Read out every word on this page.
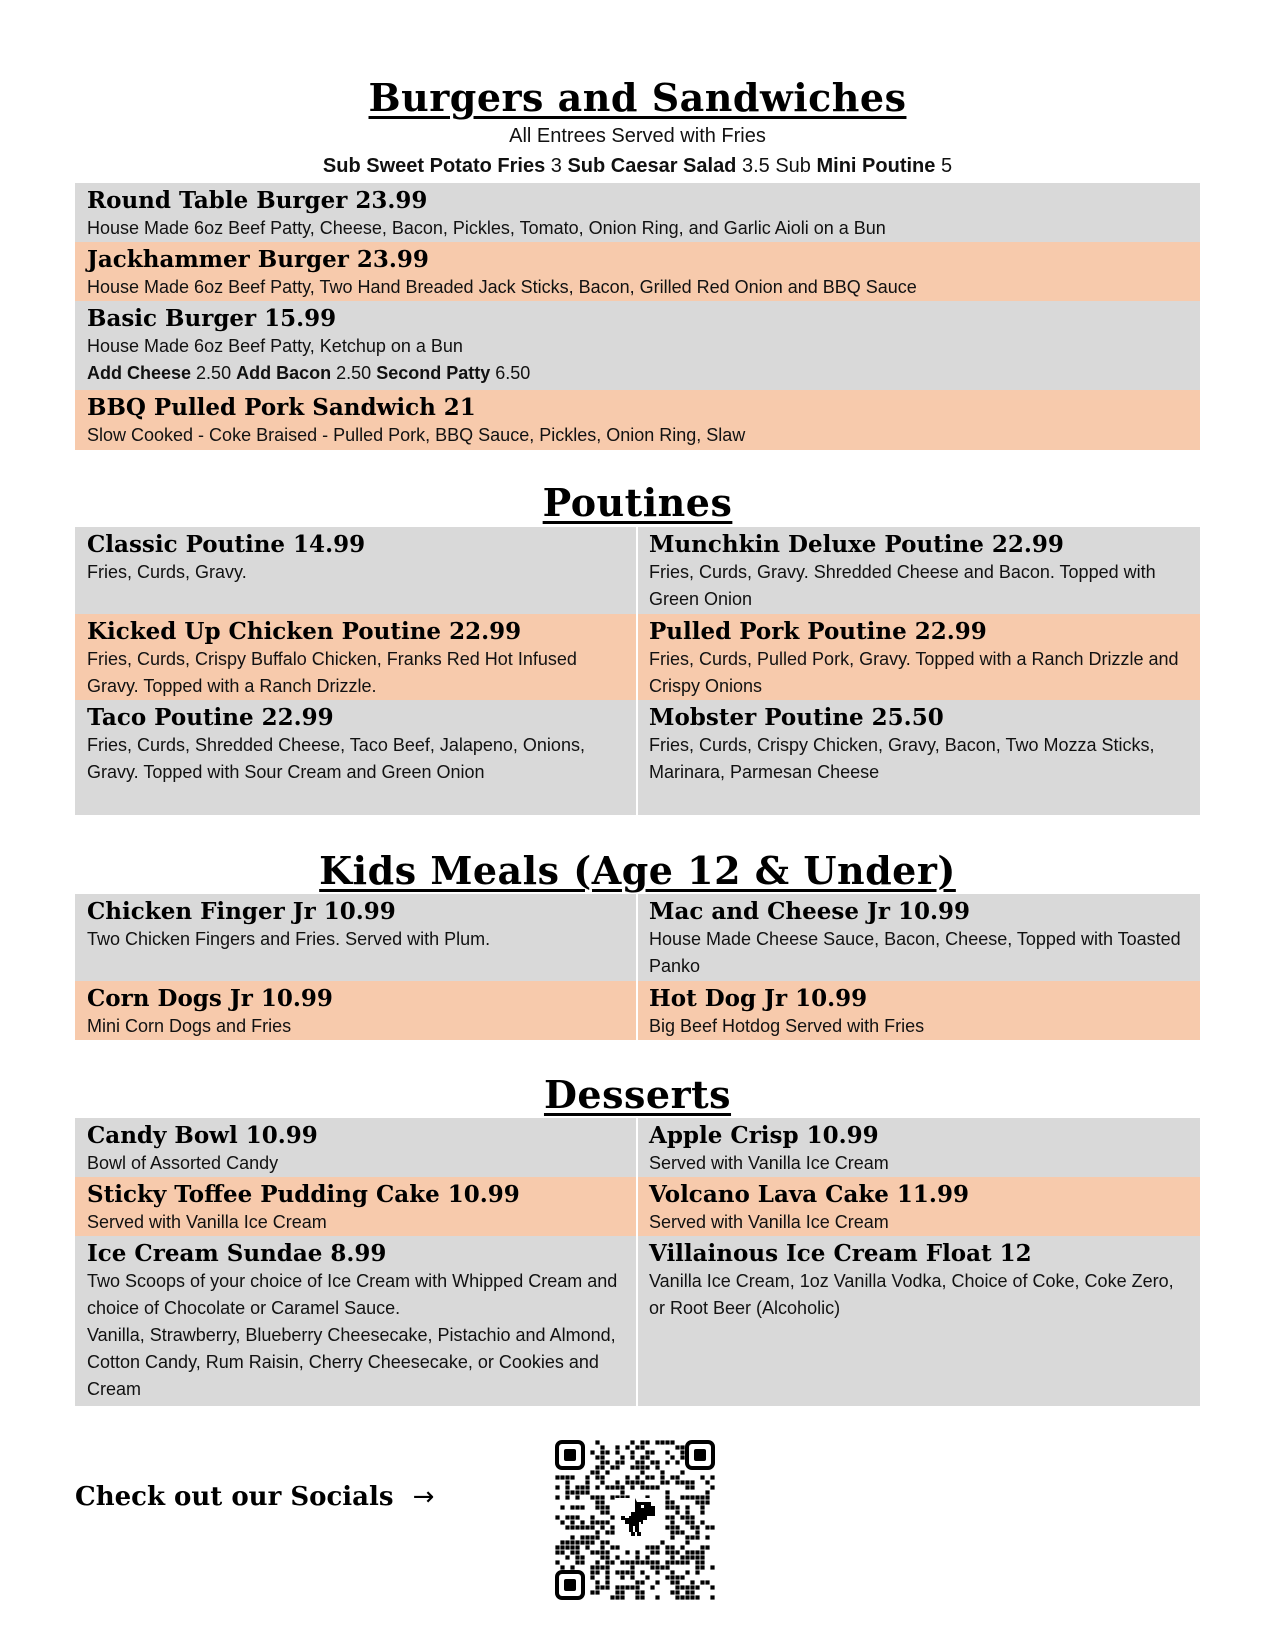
Burgers and Sandwiches
All Entrees Served with Fries
Sub Sweet Potato Fries 3 Sub Caesar Salad 3.5 Sub Mini Poutine 5
Round Table Burger 23.99
House Made 6oz Beef Patty, Cheese, Bacon, Pickles, Tomato, Onion Ring, and Garlic Aioli on a Bun
Jackhammer Burger 23.99
House Made 6oz Beef Patty, Two Hand Breaded Jack Sticks, Bacon, Grilled Red Onion and BBQ Sauce
Basic Burger 15.99
House Made 6oz Beef Patty, Ketchup on a Bun
Add Cheese 2.50 Add Bacon 2.50 Second Patty 6.50
BBQ Pulled Pork Sandwich 21
Slow Cooked - Coke Braised - Pulled Pork, BBQ Sauce, Pickles, Onion Ring, Slaw
Poutines
Classic Poutine 14.99
Fries, Curds, Gravy.
Munchkin Deluxe Poutine 22.99
Fries, Curds, Gravy. Shredded Cheese and Bacon. Topped with Green Onion
Kicked Up Chicken Poutine 22.99
Fries, Curds, Crispy Buffalo Chicken, Franks Red Hot Infused Gravy. Topped with a Ranch Drizzle.
Pulled Pork Poutine 22.99
Fries, Curds, Pulled Pork, Gravy. Topped with a Ranch Drizzle and Crispy Onions
Taco Poutine 22.99
Fries, Curds, Shredded Cheese, Taco Beef, Jalapeno, Onions, Gravy. Topped with Sour Cream and Green Onion
Mobster Poutine 25.50
Fries, Curds, Crispy Chicken, Gravy, Bacon, Two Mozza Sticks, Marinara, Parmesan Cheese
Kids Meals (Age 12 & Under)
Chicken Finger Jr 10.99
Two Chicken Fingers and Fries. Served with Plum.
Mac and Cheese Jr 10.99
House Made Cheese Sauce, Bacon, Cheese, Topped with Toasted Panko
Corn Dogs Jr 10.99
Mini Corn Dogs and Fries
Hot Dog Jr 10.99
Big Beef Hotdog Served with Fries
Desserts
Candy Bowl 10.99
Bowl of Assorted Candy
Apple Crisp 10.99
Served with Vanilla Ice Cream
Sticky Toffee Pudding Cake 10.99
Served with Vanilla Ice Cream
Volcano Lava Cake 11.99
Served with Vanilla Ice Cream
Ice Cream Sundae 8.99
Two Scoops of your choice of Ice Cream with Whipped Cream and choice of Chocolate or Caramel Sauce.
Vanilla, Strawberry, Blueberry Cheesecake, Pistachio and Almond, Cotton Candy, Rum Raisin, Cherry Cheesecake, or Cookies and Cream
Villainous Ice Cream Float 12
Vanilla Ice Cream, 1oz Vanilla Vodka, Choice of Coke, Coke Zero, or Root Beer (Alcoholic)
Check out our Socials →
